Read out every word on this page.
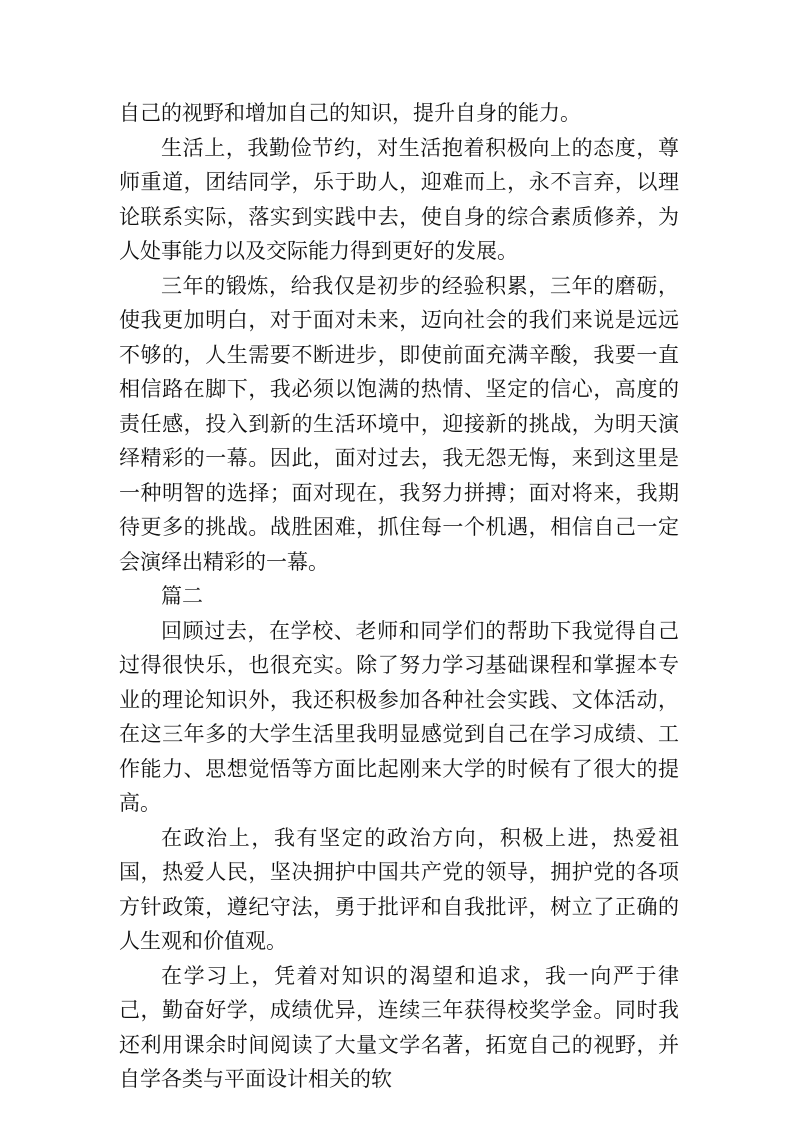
自己的视野和增加自己的知识，提升自身的能力。

生活上，我勤俭节约，对生活抱着积极向上的态度，尊师重道，团结同学，乐于助人，迎难而上，永不言弃，以理论联系实际，落实到实践中去，使自身的综合素质修养，为人处事能力以及交际能力得到更好的发展。

三年的锻炼，给我仅是初步的经验积累，三年的磨砺，使我更加明白，对于面对未来，迈向社会的我们来说是远远不够的，人生需要不断进步，即使前面充满辛酸，我要一直相信路在脚下，我必须以饱满的热情、坚定的信心，高度的责任感，投入到新的生活环境中，迎接新的挑战，为明天演绎精彩的一幕。因此，面对过去，我无怨无悔，来到这里是一种明智的选择；面对现在，我努力拼搏；面对将来，我期待更多的挑战。战胜困难，抓住每一个机遇，相信自己一定会演绎出精彩的一幕。

篇二

回顾过去，在学校、老师和同学们的帮助下我觉得自己过得很快乐，也很充实。除了努力学习基础课程和掌握本专业的理论知识外，我还积极参加各种社会实践、文体活动，在这三年多的大学生活里我明显感觉到自己在学习成绩、工作能力、思想觉悟等方面比起刚来大学的时候有了很大的提高。

在政治上，我有坚定的政治方向，积极上进，热爱祖国，热爱人民，坚决拥护中国共产党的领导，拥护党的各项方针政策，遵纪守法，勇于批评和自我批评，树立了正确的人生观和价值观。

在学习上，凭着对知识的渴望和追求，我一向严于律己，勤奋好学，成绩优异，连续三年获得校奖学金。同时我还利用课余时间阅读了大量文学名著，拓宽自己的视野，并自学各类与平面设计相关的软
